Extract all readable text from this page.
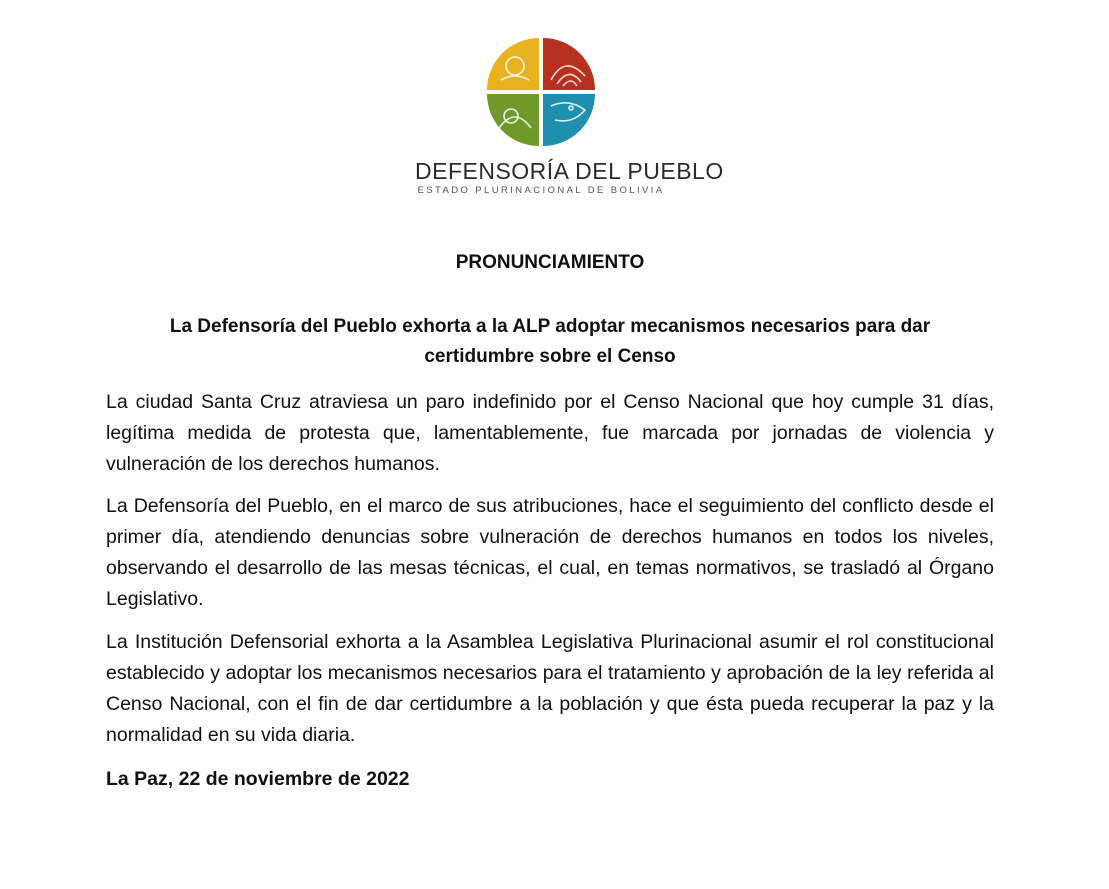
DEFENSORÍA DEL PUEBLO
ESTADO PLURINACIONAL DE BOLIVIA
PRONUNCIAMIENTO
La Defensoría del Pueblo exhorta a la ALP adoptar mecanismos necesarios para dar certidumbre sobre el Censo

La ciudad Santa Cruz atraviesa un paro indefinido por el Censo Nacional que hoy cumple 31 días, legítima medida de protesta que, lamentablemente, fue marcada por jornadas de violencia y vulneración de los derechos humanos.

La Defensoría del Pueblo, en el marco de sus atribuciones, hace el seguimiento del conflicto desde el primer día, atendiendo denuncias sobre vulneración de derechos humanos en todos los niveles, observando el desarrollo de las mesas técnicas, el cual, en temas normativos, se trasladó al Órgano Legislativo.

La Institución Defensorial exhorta a la Asamblea Legislativa Plurinacional asumir el rol constitucional establecido y adoptar los mecanismos necesarios para el tratamiento y aprobación de la ley referida al Censo Nacional, con el fin de dar certidumbre a la población y que ésta pueda recuperar la paz y la normalidad en su vida diaria.

La Paz, 22 de noviembre de 2022
